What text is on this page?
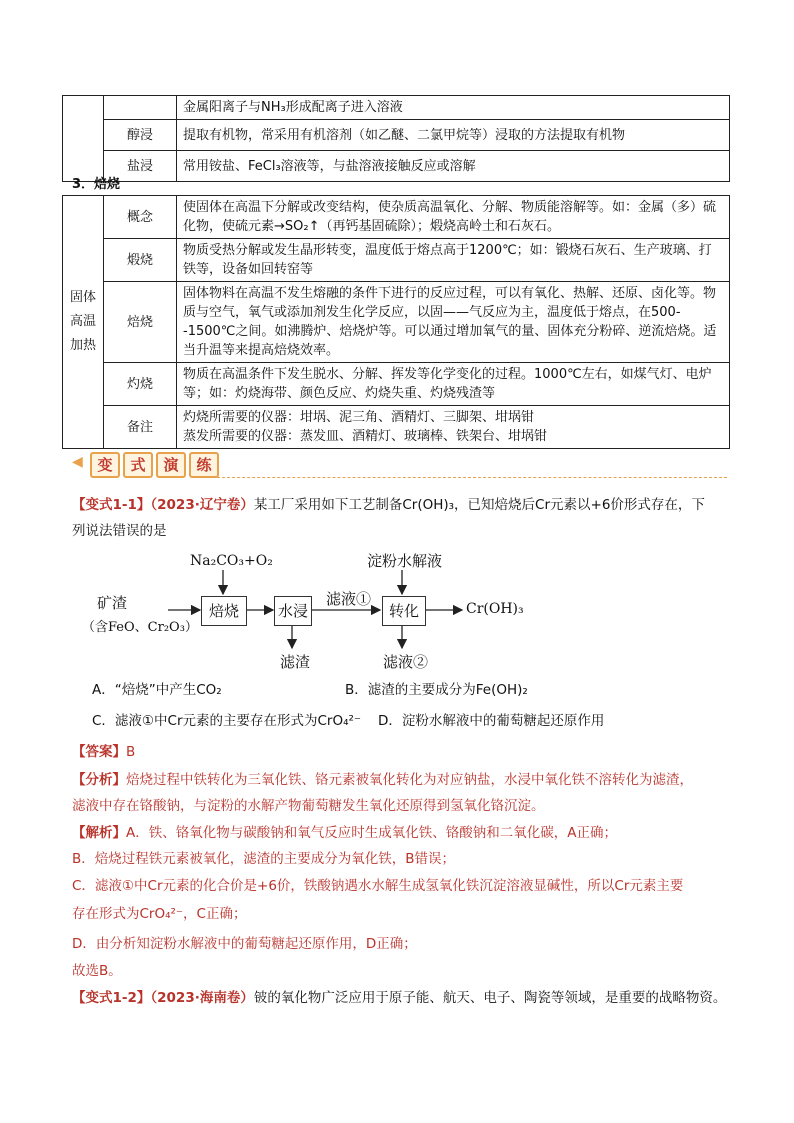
		金属阳离子与NH₃形成配离子进入溶液
	醇浸	提取有机物，常采用有机溶剂（如乙醚、二氯甲烷等）浸取的方法提取有机物
	盐浸	常用铵盐、FeCl₃溶液等，与盐溶液接触反应或溶解
3．焙烧
固体高温加热	概念	使固体在高温下分解或改变结构，使杂质高温氧化、分解、物质能溶解等。如：金属（多）硫化物，使硫元素→SO₂↑（再钙基固硫除）；煅烧高岭土和石灰石。
	煅烧	物质受热分解或发生晶形转变，温度低于熔点高于1200℃；如：锻烧石灰石、生产玻璃、打铁等，设备如回转窑等
	焙烧	固体物料在高温不发生熔融的条件下进行的反应过程，可以有氧化、热解、还原、卤化等。物质与空气，氧气或添加剂发生化学反应，以固——气反应为主，温度低于熔点，在500--1500℃之间。如沸腾炉、焙烧炉等。可以通过增加氧气的量、固体充分粉碎、逆流焙烧。适当升温等来提高焙烧效率。
	灼烧	物质在高温条件下发生脱水、分解、挥发等化学变化的过程。1000℃左右，如煤气灯、电炉等；如：灼烧海带、颜色反应、灼烧失重、灼烧残渣等
	备注	灼烧所需要的仪器：坩埚、泥三角、酒精灯、三脚架、坩埚钳
蒸发所需要的仪器：蒸发皿、酒精灯、玻璃棒、铁架台、坩埚钳
◀ 变 式 演 练
【变式1-1】（2023·辽宁卷）某工厂采用如下工艺制备Cr(OH)₃，已知焙烧后Cr元素以+6价形式存在，下
列说法错误的是
Na₂CO₃+O₂	淀粉水解液
矿渣
（含FeO、Cr₂O₃）
焙烧	水浸
滤液①
转化	Cr(OH)₃
滤渣	滤液②
A．“焙烧”中产生CO₂	B．滤渣的主要成分为Fe(OH)₂
C．滤液①中Cr元素的主要存在形式为CrO₄²⁻ D．淀粉水解液中的葡萄糖起还原作用
【答案】B
【分析】焙烧过程中铁转化为三氧化铁、铬元素被氧化转化为对应钠盐，水浸中氧化铁不溶转化为滤渣，
滤液中存在铬酸钠，与淀粉的水解产物葡萄糖发生氧化还原得到氢氧化铬沉淀。
【解析】A．铁、铬氧化物与碳酸钠和氧气反应时生成氧化铁、铬酸钠和二氧化碳，A正确；
B．焙烧过程铁元素被氧化，滤渣的主要成分为氧化铁，B错误；
C．滤液①中Cr元素的化合价是+6价，铁酸钠遇水水解生成氢氧化铁沉淀溶液显碱性，所以Cr元素主要
存在形式为CrO₄²⁻，C正确；
D．由分析知淀粉水解液中的葡萄糖起还原作用，D正确；
故选B。
【变式1-2】（2023·海南卷）铍的氧化物广泛应用于原子能、航天、电子、陶瓷等领域，是重要的战略物资。
